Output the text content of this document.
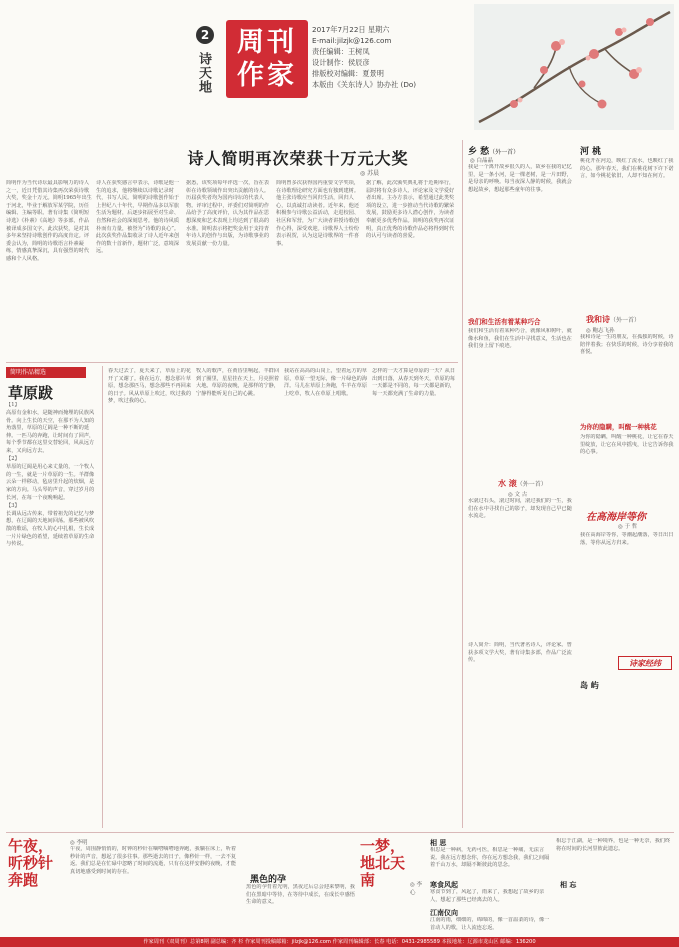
2
诗天地
周刊作家
2017年7月22日 星期六
E-mail:jilzjk@126.com
责任编辑：王树凤
设计制作：侯辰彦
排版校对编辑：夏景明
本版由《关东诗人》协办社 (Do)
诗人简明再次荣获十万元大奖
◎ 苏晨

简明作为当代诗坛最具影响力的诗人之一，近日凭借其诗集再次荣获诗歌大奖，奖金十万元。简明1965年出生于河北，毕业于解放军某学院，历任编辑、主编等职。著有诗集《简明短诗选》《朴素》《高地》等多部，作品被译成多国文字。此次获奖，是对其多年来坚持诗歌创作的高度肯定。评委会认为，简明的诗歌语言朴素凝练，情感真挚深沉，具有强烈的时代感和个人风格。

诗人在获奖感言中表示，诗歌是他一生的追求，他将继续以诗歌记录时代，书写人民。简明的诗歌创作始于上世纪八十年代，早期作品多以军旅生活为题材，后逐步拓展至对生命、自然和社会的深刻思考。他的诗风质朴而有力量，被誉为“诗歌的良心”。此次获奖作品集收录了诗人近年来创作的数十首新作，题材广泛，意境深远。

据悉，该奖项每年评选一次，旨在表彰在诗歌领域作出突出贡献的诗人。历届获奖者均为国内诗坛的代表人物。评审过程中，评委们对简明的作品给予了高度评价，认为其作品在思想深度和艺术表现上均达到了很高的水准。简明表示将把奖金用于支持青年诗人的创作与出版，为诗歌事业的发展贡献一份力量。

简明曾多次获得国内重要文学奖项，在诗歌理论研究方面也有独到建树。他主张诗歌应当回归生活，回归人心，以真诚打动读者。近年来，他还积极参与诗歌公益活动，走进校园、社区和军营，为广大读者讲授诗歌创作心得，深受欢迎。诗歌界人士纷纷表示祝贺，认为这是诗歌界的一件喜事。

据了解，此次颁奖典礼将于近期举行，届时将有众多诗人、评论家及文学爱好者出席。主办方表示，希望通过此类奖项的设立，进一步推动当代诗歌的繁荣发展，鼓励更多诗人潜心创作，为读者奉献更多优秀作品。简明的获奖再次证明，真正优秀的诗歌作品必将得到时代的认可与读者的喜爱。

简明作品精选
草原跋

【1】

高原有金和水，是随神而掩埋的民族风骨。向上生长的天空，在那不为人知的角落里，草原的辽阔是一种不断的延伸。一匹马的奔跑，让时间有了回声，每个季节都在这里交替轮回，风从远方来，又向远方去。

【2】

草原的辽阔是用心来丈量的，一个牧人的一生，就是一片草原的一生。羊群像云朵一样移动，毡房里升起的炊烟，是家的方向。马头琴的声音，穿过岁月的长河，在每一个夜晚响起。

【3】

长调从远古传来，带着祖先的记忆与梦想，在辽阔的天地间回荡。那些被风吹散的歌谣，在牧人的心中扎根，生长成一片片绿色的希望，延续着草原的生命与传说。

春天过去了，夏天来了，草原上的花开了又谢了。我在远方，想念那片草原，想念那匹马，想念那些不再回来的日子。风从草原上吹过，吹过我的梦，吹过我的心。

牧人的歌声，在黄昏里响起，羊群回到了圈里，星星挂在天上，月亮照着大地。草原的夜晚，是那样的宁静，宁静得能听见自己的心跳。

我站在高高的山岗上，望着远方的草原，草原一望无际，像一片绿色的海洋。马儿在草原上奔跑，牛羊在草原上吃草，牧人在草原上唱歌。

怎样的一天才算是草原的一天？从日出到日落，从春天到冬天，草原的每一天都是不同的，每一天都是新的，每一天都充满了生命的力量。

乡 愁（外一首）
◎ 白晶晶

我是一个离开故乡很久的人，故乡在我的记忆里，是一条小河，是一棵老树，是一片田野，是母亲的呼唤。每当夜深人静的时候，我就会想起故乡，想起那些童年的往事。

河 桃

桃花开在河边，映红了流水，也映红了我的心。那年春天，我们在桃花树下许下诺言，如今桃花依旧，人却不知在何方。

我和诗（外一首）
◎ 鲍志飞孙

我和诗是一生的朋友，在孤独的时候，诗陪伴着我；在快乐的时候，诗分享着我的喜悦。

我们和生活有着某种巧合

我们和生活有着某种巧合，就像风和树叶，就像水和鱼，我们在生活中寻找意义，生活也在我们身上留下痕迹。

为你的隐瞒，叫醒一种桃花

为你的隐瞒，叫醒一种桃花，让它在春天里绽放，让它在风中摇曳，让它告诉你我的心事。

水 滚（外一首）
◎ 文 古

水滚过石头，滚过时间，滚过我们的一生，我们在水中寻找自己的影子，却发现自己早已随水流走。	在高海岸等你
◎ 于 哲

我在高海岸等你，等潮起潮落，等日出日落，等你从远方归来。

诗家经纬

诗人简介：简明，当代著名诗人，评论家。曾获多项文学大奖，著有诗集多部，作品广泛流传。

岛 屿
午夜，听秒针奔跑
◎ 李明

午夜，周围静悄悄的，时钟的秒针在嘀嗒嘀嗒地奔跑，我躺在床上，听着秒针的声音，想起了很多往事。那些逝去的日子，像秒针一样，一去不复返。我们总是在忙碌中忽略了时间的流逝，只有在这样安静的夜晚，才能真切地感受到时间的存在。

黑色的孕

黑色的孕育着光明，黑夜过后总会迎来黎明，我们在黑暗中等待，在等待中成长，在成长中感悟生命的意义。

一梦，地北天南	◎ 李 心
相 思

相思是一种病，无药可医，相思是一种痛，无法言说。我在远方想念你，你在远方想念我，我们之间隔着千山万水，却隔不断彼此的思念。

寒食风起

寒食节到了，风起了，雨来了，我想起了故乡的亲人，想起了那些已经离去的人。

江南仪向

江南的雨，细细的，绵绵的，像一首温柔的诗，像一首动人的歌，让人流连忘返。

相 忘

相忘于江湖，是一种境界，也是一种无奈，我们终将在时间的长河里彼此遗忘。

作家周刊（双周刊）总第8期 副总编：齐 杉 作家周刊投稿邮箱：jilzjk@126.com 作家周刊编辑部：长春 电话：0431-2985589 本报地址：辽源市龙山区 邮编：136200
